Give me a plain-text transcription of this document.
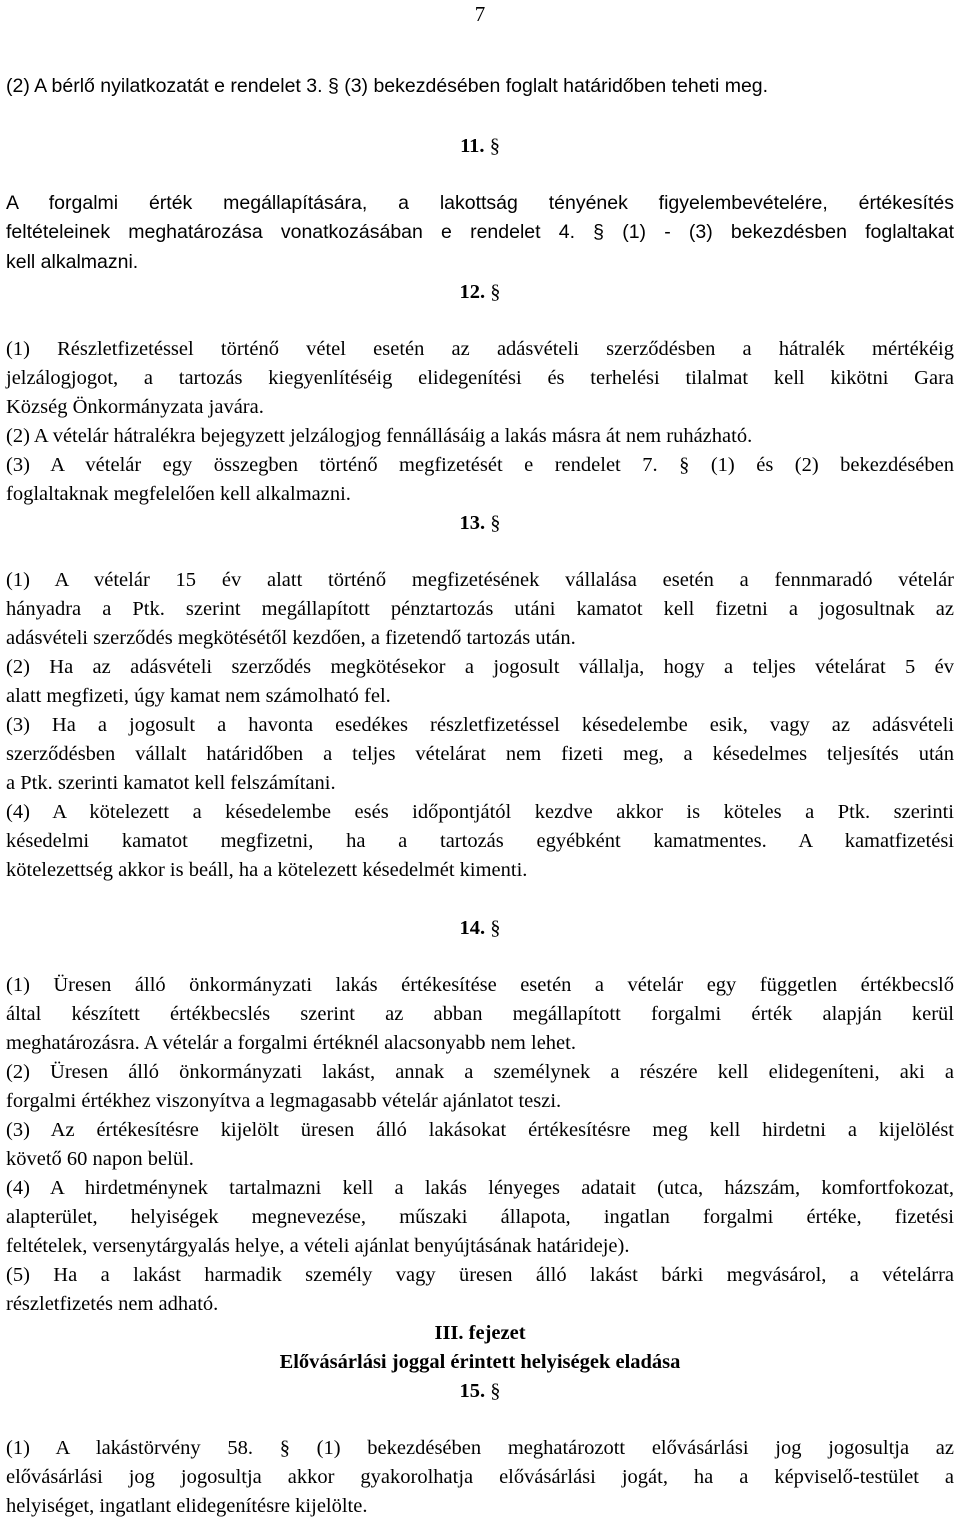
7
(2) A bérlő nyilatkozatát e rendelet 3. § (3) bekezdésében foglalt határidőben teheti meg.
11. §
A forgalmi érték megállapítására, a lakottság tényének figyelembevételére, értékesítés
feltételeinek meghatározása vonatkozásában e rendelet 4. § (1) - (3) bekezdésben foglaltakat
kell alkalmazni.
12. §
(1) Részletfizetéssel történő vétel esetén az adásvételi szerződésben a hátralék mértékéig
jelzálogjogot, a tartozás kiegyenlítéséig elidegenítési és terhelési tilalmat kell kikötni Gara
Község Önkormányzata javára.
(2) A vételár hátralékra bejegyzett jelzálogjog fennállásáig a lakás másra át nem ruházható.
(3) A vételár egy összegben történő megfizetését e rendelet 7. § (1) és (2) bekezdésében
foglaltaknak megfelelően kell alkalmazni.
13. §
(1) A vételár 15 év alatt történő megfizetésének vállalása esetén a fennmaradó vételár
hányadra a Ptk. szerint megállapított pénztartozás utáni kamatot kell fizetni a jogosultnak az
adásvételi szerződés megkötésétől kezdően, a fizetendő tartozás után.
(2) Ha az adásvételi szerződés megkötésekor a jogosult vállalja, hogy a teljes vételárat 5 év
alatt megfizeti, úgy kamat nem számolható fel.
(3) Ha a jogosult a havonta esedékes részletfizetéssel késedelembe esik, vagy az adásvételi
szerződésben vállalt határidőben a teljes vételárat nem fizeti meg, a késedelmes teljesítés után
a Ptk. szerinti kamatot kell felszámítani.
(4) A kötelezett a késedelembe esés időpontjától kezdve akkor is köteles a Ptk. szerinti
késedelmi kamatot megfizetni, ha a tartozás egyébként kamatmentes. A kamatfizetési
kötelezettség akkor is beáll, ha a kötelezett késedelmét kimenti.
14. §
(1) Üresen álló önkormányzati lakás értékesítése esetén a vételár egy független értékbecslő
által készített értékbecslés szerint az abban megállapított forgalmi érték alapján kerül
meghatározásra. A vételár a forgalmi értéknél alacsonyabb nem lehet.
(2) Üresen álló önkormányzati lakást, annak a személynek a részére kell elidegeníteni, aki a
forgalmi értékhez viszonyítva a legmagasabb vételár ajánlatot teszi.
(3) Az értékesítésre kijelölt üresen álló lakásokat értékesítésre meg kell hirdetni a kijelölést
követő 60 napon belül.
(4) A hirdetménynek tartalmazni kell a lakás lényeges adatait (utca, házszám, komfortfokozat,
alapterület, helyiségek megnevezése, műszaki állapota, ingatlan forgalmi értéke, fizetési
feltételek, versenytárgyalás helye, a vételi ajánlat benyújtásának határideje).
(5) Ha a lakást harmadik személy vagy üresen álló lakást bárki megvásárol, a vételárra
részletfizetés nem adható.
III. fejezet
Elővásárlási joggal érintett helyiségek eladása
15. §
(1) A lakástörvény 58. § (1) bekezdésében meghatározott elővásárlási jog jogosultja az
elővásárlási jog jogosultja akkor gyakorolhatja elővásárlási jogát, ha a képviselő-testület a
helyiséget, ingatlant elidegenítésre kijelölte.
